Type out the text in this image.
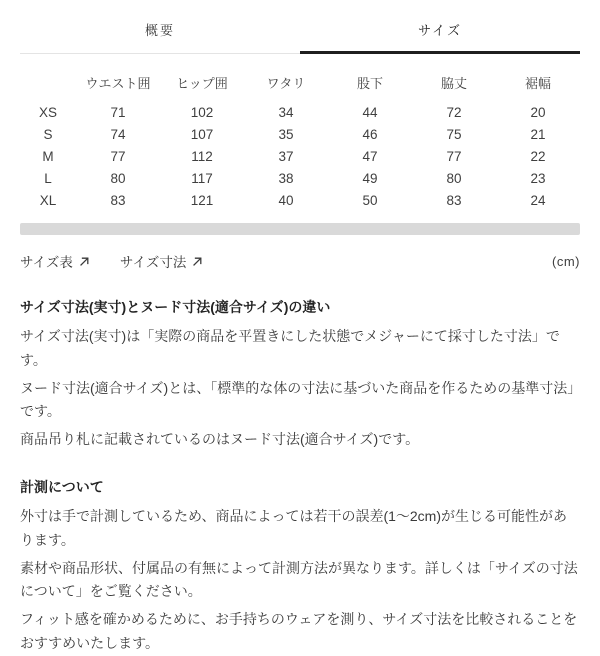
概要	サイズ
	ウエスト囲	ヒップ囲	ワタリ	股下	脇丈	裾幅
XS	71	102	34	44	72	20
S	74	107	35	46	75	21
M	77	112	37	47	77	22
L	80	117	38	49	80	23
XL	83	121	40	50	83	24
サイズ表	サイズ寸法	(cm)
サイズ寸法(実寸)とヌード寸法(適合サイズ)の違い

サイズ寸法(実寸)は「実際の商品を平置きにした状態でメジャーにて採寸した寸法」です。

ヌード寸法(適合サイズ)とは、「標準的な体の寸法に基づいた商品を作るための基準寸法」です。

商品吊り札に記載されているのはヌード寸法(適合サイズ)です。

計測について

外寸は手で計測しているため、商品によっては若干の誤差(1〜2cm)が生じる可能性があります。

素材や商品形状、付属品の有無によって計測方法が異なります。詳しくは「サイズの寸法について」をご覧ください。

フィット感を確かめるために、お手持ちのウェアを測り、サイズ寸法を比較されることをおすすめいたします。
